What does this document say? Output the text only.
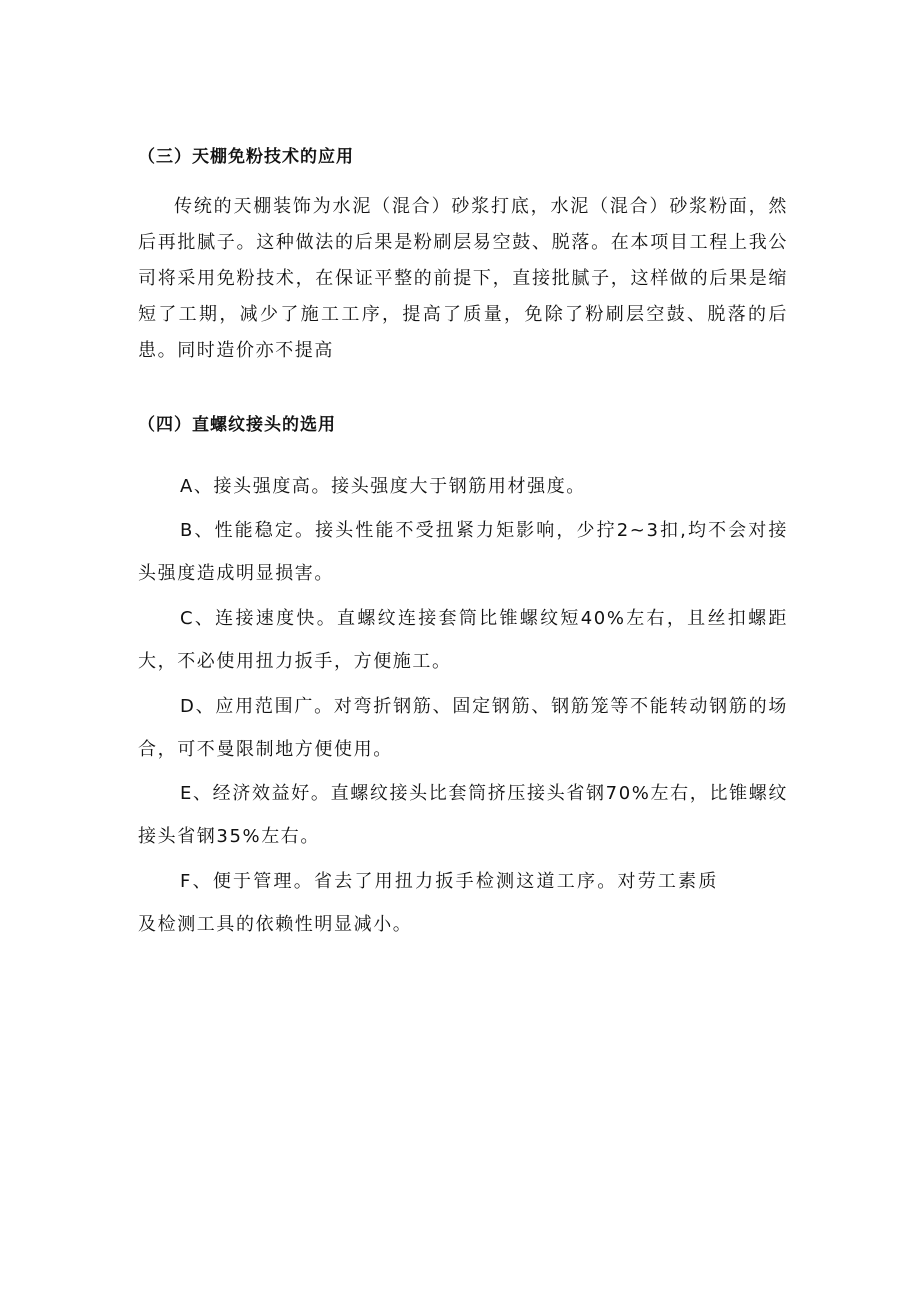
（三）天棚免粉技术的应用
传统的天棚装饰为水泥（混合）砂浆打底，水泥（混合）砂浆粉面，然后再批腻子。这种做法的后果是粉刷层易空鼓、脱落。在本项目工程上我公司将采用免粉技术，在保证平整的前提下，直接批腻子，这样做的后果是缩短了工期，减少了施工工序，提高了质量，免除了粉刷层空鼓、脱落的后患。同时造价亦不提高
（四）直螺纹接头的选用
A、接头强度高。接头强度大于钢筋用材强度。
B、性能稳定。接头性能不受扭紧力矩影响，少拧2~3扣,均不会对接头强度造成明显损害。
C、连接速度快。直螺纹连接套筒比锥螺纹短40%左右，且丝扣螺距大，不必使用扭力扳手，方便施工。
D、应用范围广。对弯折钢筋、固定钢筋、钢筋笼等不能转动钢筋的场合，可不曼限制地方便使用。
E、经济效益好。直螺纹接头比套筒挤压接头省钢70%左右，比锥螺纹接头省钢35%左右。
F、便于管理。省去了用扭力扳手检测这道工序。对劳工素质及检测工具的依赖性明显减小。
